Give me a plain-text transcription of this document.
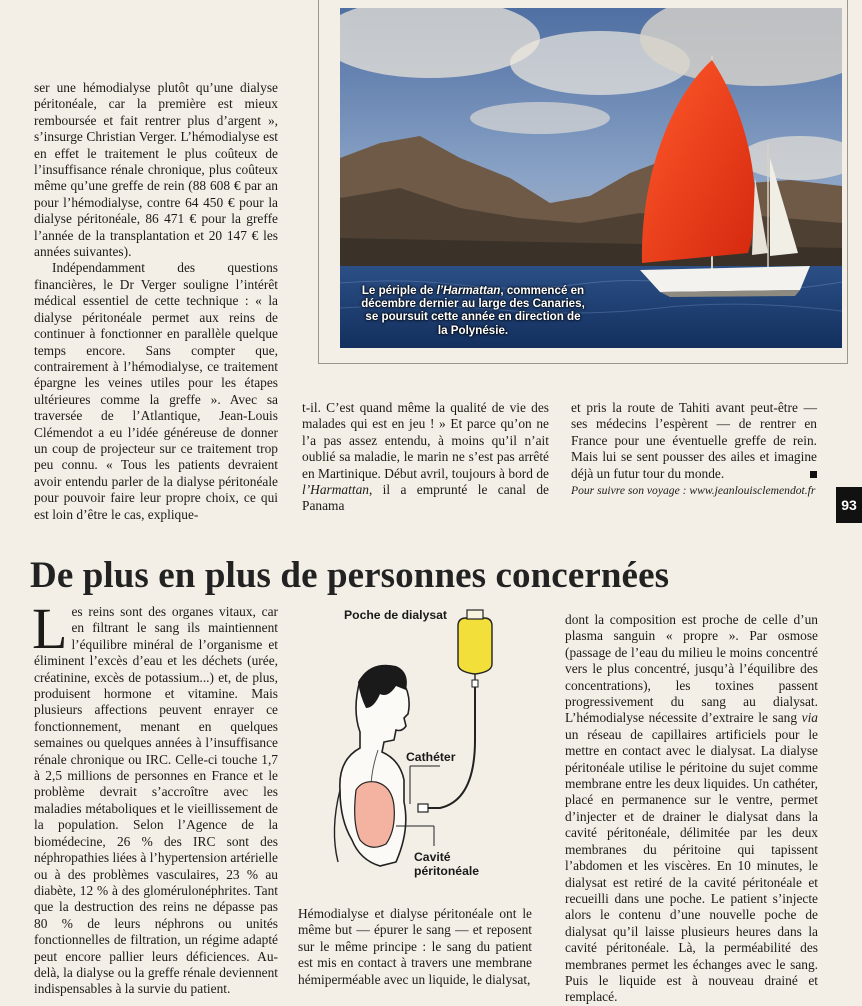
ser une hémodialyse plutôt qu’une dialyse péritonéale, car la première est mieux remboursée et fait rentrer plus d’argent », s’insurge Christian Verger. L’hémodialyse est en effet le traitement le plus coûteux de l’insuffisance rénale chronique, plus coûteux même qu’une greffe de rein (88 608 € par an pour l’hémodialyse, contre 64 450 € pour la dialyse péritonéale, 86 471 € pour la greffe l’année de la transplantation et 20 147 € les années suivantes).

Indépendamment des questions financières, le Dr Verger souligne l’intérêt médical essentiel de cette technique : « la dialyse péritonéale permet aux reins de continuer à fonctionner en parallèle quelque temps encore. Sans compter que, contrairement à l’hémodialyse, ce traitement épargne les veines utiles pour les étapes ultérieures comme la greffe ». Avec sa traversée de l’Atlantique, Jean-Louis Clémendot a eu l’idée généreuse de donner un coup de projecteur sur ce traitement trop peu connu. « Tous les patients devraient avoir entendu parler de la dialyse péritonéale pour pouvoir faire leur propre choix, ce qui est loin d’être le cas, explique-

Le périple de l’Harmattan, commencé en décembre dernier au large des Canaries, se poursuit cette année en direction de la Polynésie.

t-il. C’est quand même la qualité de vie des malades qui est en jeu ! » Et parce qu’on ne l’a pas assez entendu, à moins qu’il n’ait oublié sa maladie, le marin ne s’est pas arrêté en Martinique. Début avril, toujours à bord de l’Harmattan, il a emprunté le canal de Panama

et pris la route de Tahiti avant peut-être — ses médecins l’espèrent — de rentrer en France pour une éventuelle greffe de rein. Mais lui se sent pousser des ailes et imagine déjà un futur tour du monde.

Pour suivre son voyage : www.jeanlouisclemendot.fr
93
De plus en plus de personnes concernées

Les reins sont des organes vitaux, car en filtrant le sang ils maintiennent l’équilibre minéral de l’organisme et éliminent l’excès d’eau et les déchets (urée, créatinine, excès de potassium...) et, de plus, produisent hormone et vitamine. Mais plusieurs affections peuvent enrayer ce fonctionnement, menant en quelques semaines ou quelques années à l’insuffisance rénale chronique ou IRC. Celle-ci touche 1,7 à 2,5 millions de personnes en France et le problème devrait s’accroître avec les maladies métaboliques et le vieillissement de la population. Selon l’Agence de la biomédecine, 26 % des IRC sont des néphropathies liées à l’hypertension artérielle ou à des problèmes vasculaires, 23 % au diabète, 12 % à des glomérulonéphrites. Tant que la destruction des reins ne dépasse pas 80 % de leurs néphrons ou unités fonctionnelles de filtration, un régime adapté peut encore pallier leurs déficiences. Au-delà, la dialyse ou la greffe rénale deviennent indispensables à la survie du patient.

Poche de dialysat
Cathéter
Cavité
péritonéale

Hémodialyse et dialyse péritonéale ont le même but — épurer le sang — et reposent sur le même principe : le sang du patient est mis en contact à travers une membrane hémiperméable avec un liquide, le dialysat,

dont la composition est proche de celle d’un plasma sanguin « propre ». Par osmose (passage de l’eau du milieu le moins concentré vers le plus concentré, jusqu’à l’équilibre des concentrations), les toxines passent progressivement du sang au dialysat. L’hémodialyse nécessite d’extraire le sang via un réseau de capillaires artificiels pour le mettre en contact avec le dialysat. La dialyse péritonéale utilise le péritoine du sujet comme membrane entre les deux liquides. Un cathéter, placé en permanence sur le ventre, permet d’injecter et de drainer le dialysat dans la cavité péritonéale, délimitée par les deux membranes du péritoine qui tapissent l’abdomen et les viscères. En 10 minutes, le dialysat est retiré de la cavité péritonéale et recueilli dans une poche. Le patient s’injecte alors le contenu d’une nouvelle poche de dialysat qu’il laisse plusieurs heures dans la cavité péritonéale. Là, la perméabilité des membranes permet les échanges avec le sang. Puis le liquide est à nouveau drainé et remplacé.
